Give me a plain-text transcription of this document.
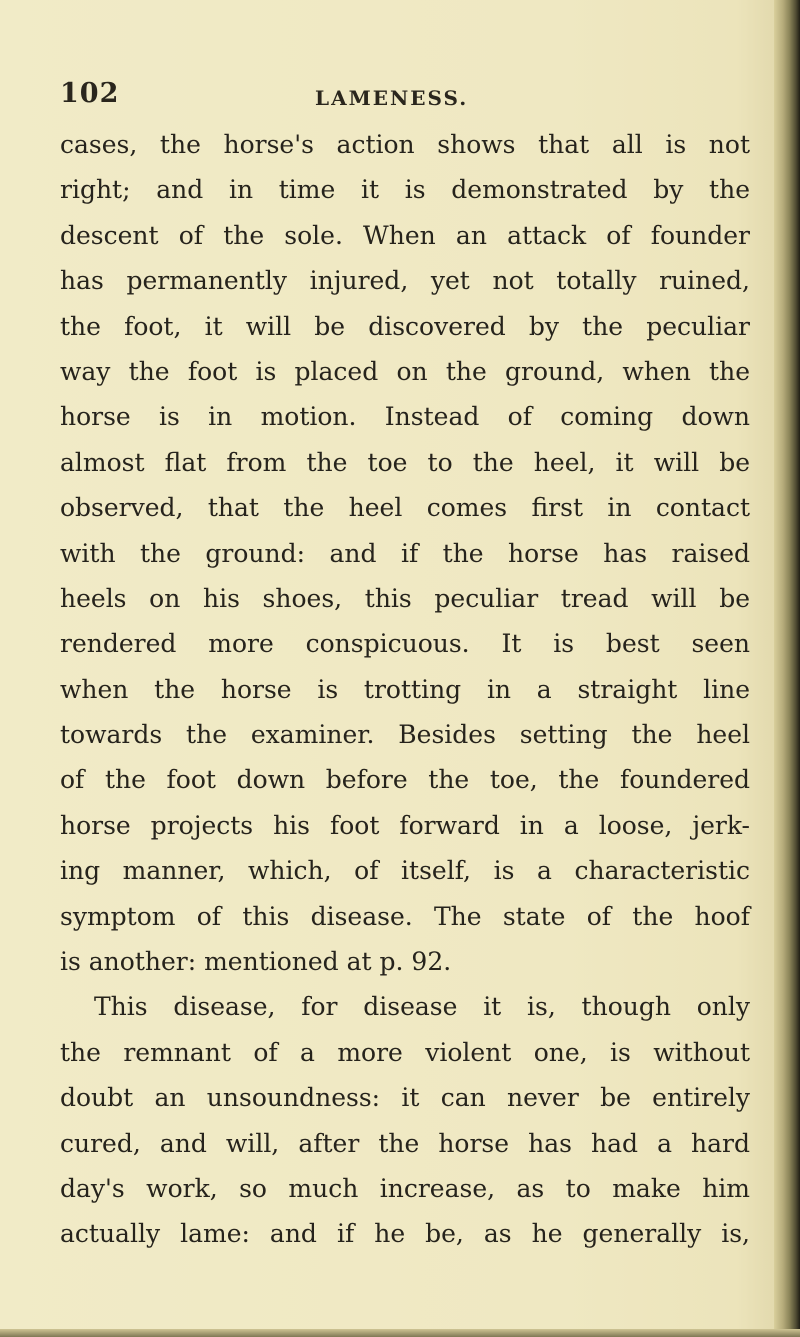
102	LAMENESS.
cases, the horse's action shows that all is not
right; and in time it is demonstrated by the
descent of the sole. When an attack of founder
has permanently injured, yet not totally ruined,
the foot, it will be discovered by the peculiar
way the foot is placed on the ground, when the
horse is in motion. Instead of coming down
almost flat from the toe to the heel, it will be
observed, that the heel comes first in contact
with the ground: and if the horse has raised
heels on his shoes, this peculiar tread will be
rendered more conspicuous. It is best seen
when the horse is trotting in a straight line
towards the examiner. Besides setting the heel
of the foot down before the toe, the foundered
horse projects his foot forward in a loose, jerk-
ing manner, which, of itself, is a characteristic
symptom of this disease. The state of the hoof
is another: mentioned at p. 92.
This disease, for disease it is, though only
the remnant of a more violent one, is without
doubt an unsoundness: it can never be entirely
cured, and will, after the horse has had a hard
day's work, so much increase, as to make him
actually lame: and if he be, as he generally is,
